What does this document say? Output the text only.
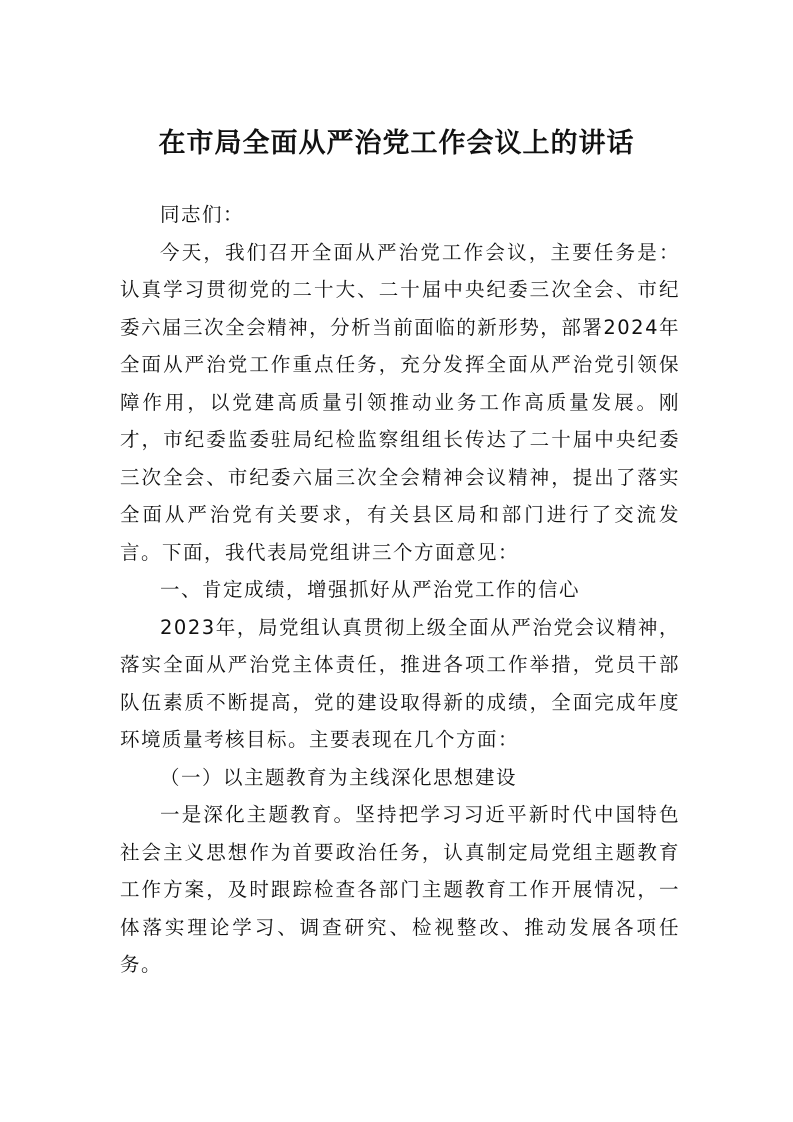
在市局全面从严治党工作会议上的讲话

同志们：

今天，我们召开全面从严治党工作会议，主要任务是：认真学习贯彻党的二十大、二十届中央纪委三次全会、市纪委六届三次全会精神，分析当前面临的新形势，部署2024年全面从严治党工作重点任务，充分发挥全面从严治党引领保障作用，以党建高质量引领推动业务工作高质量发展。刚才，市纪委监委驻局纪检监察组组长传达了二十届中央纪委三次全会、市纪委六届三次全会精神会议精神，提出了落实全面从严治党有关要求，有关县区局和部门进行了交流发言。下面，我代表局党组讲三个方面意见：

一、肯定成绩，增强抓好从严治党工作的信心

2023年，局党组认真贯彻上级全面从严治党会议精神，落实全面从严治党主体责任，推进各项工作举措，党员干部队伍素质不断提高，党的建设取得新的成绩，全面完成年度环境质量考核目标。主要表现在几个方面：

（一）以主题教育为主线深化思想建设

一是深化主题教育。坚持把学习习近平新时代中国特色社会主义思想作为首要政治任务，认真制定局党组主题教育工作方案，及时跟踪检查各部门主题教育工作开展情况，一体落实理论学习、调查研究、检视整改、推动发展各项任务。
